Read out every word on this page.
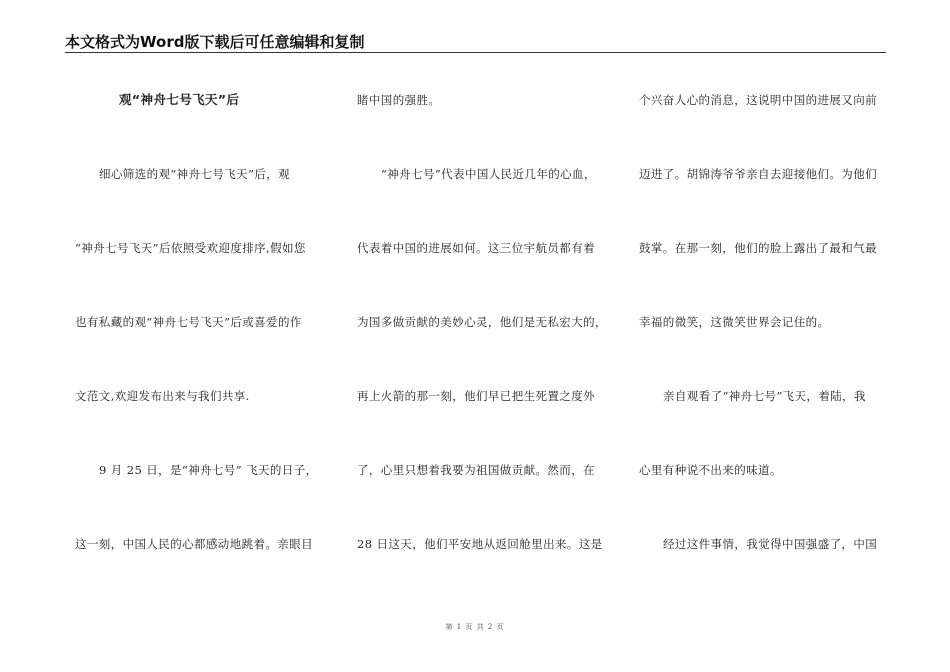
本文格式为Word版下载后可任意编辑和复制
观“神舟七号飞天”后
细心筛选的观“神舟七号飞天”后，观
“神舟七号飞天”后依照受欢迎度排序,假如您
也有私藏的观“神舟七号飞天”后或喜爱的作
文范文,欢迎发布出来与我们共享.
9 月 25 日，是“神舟七号” 飞天的日子，
这一刻，中国人民的心都感动地跳着。亲眼目
睹中国的强胜。
“神舟七号”代表中国人民近几年的心血，
代表着中国的进展如何。这三位宇航员都有着
为国多做贡献的美妙心灵，他们是无私宏大的，
再上火箭的那一刻，他们早已把生死置之度外
了，心里只想着我要为祖国做贡献。然而，在
28 日这天，他们平安地从返回舱里出来。这是
个兴奋人心的消息，这说明中国的进展又向前
迈进了。胡锦涛爷爷亲自去迎接他们。为他们
鼓掌。在那一刻，他们的脸上露出了最和气最
幸福的微笑，这微笑世界会记住的。
亲自观看了“神舟七号”飞天，着陆，我
心里有种说不出来的味道。
经过这件事情，我觉得中国强盛了，中国
第 1 页 共 2 页
